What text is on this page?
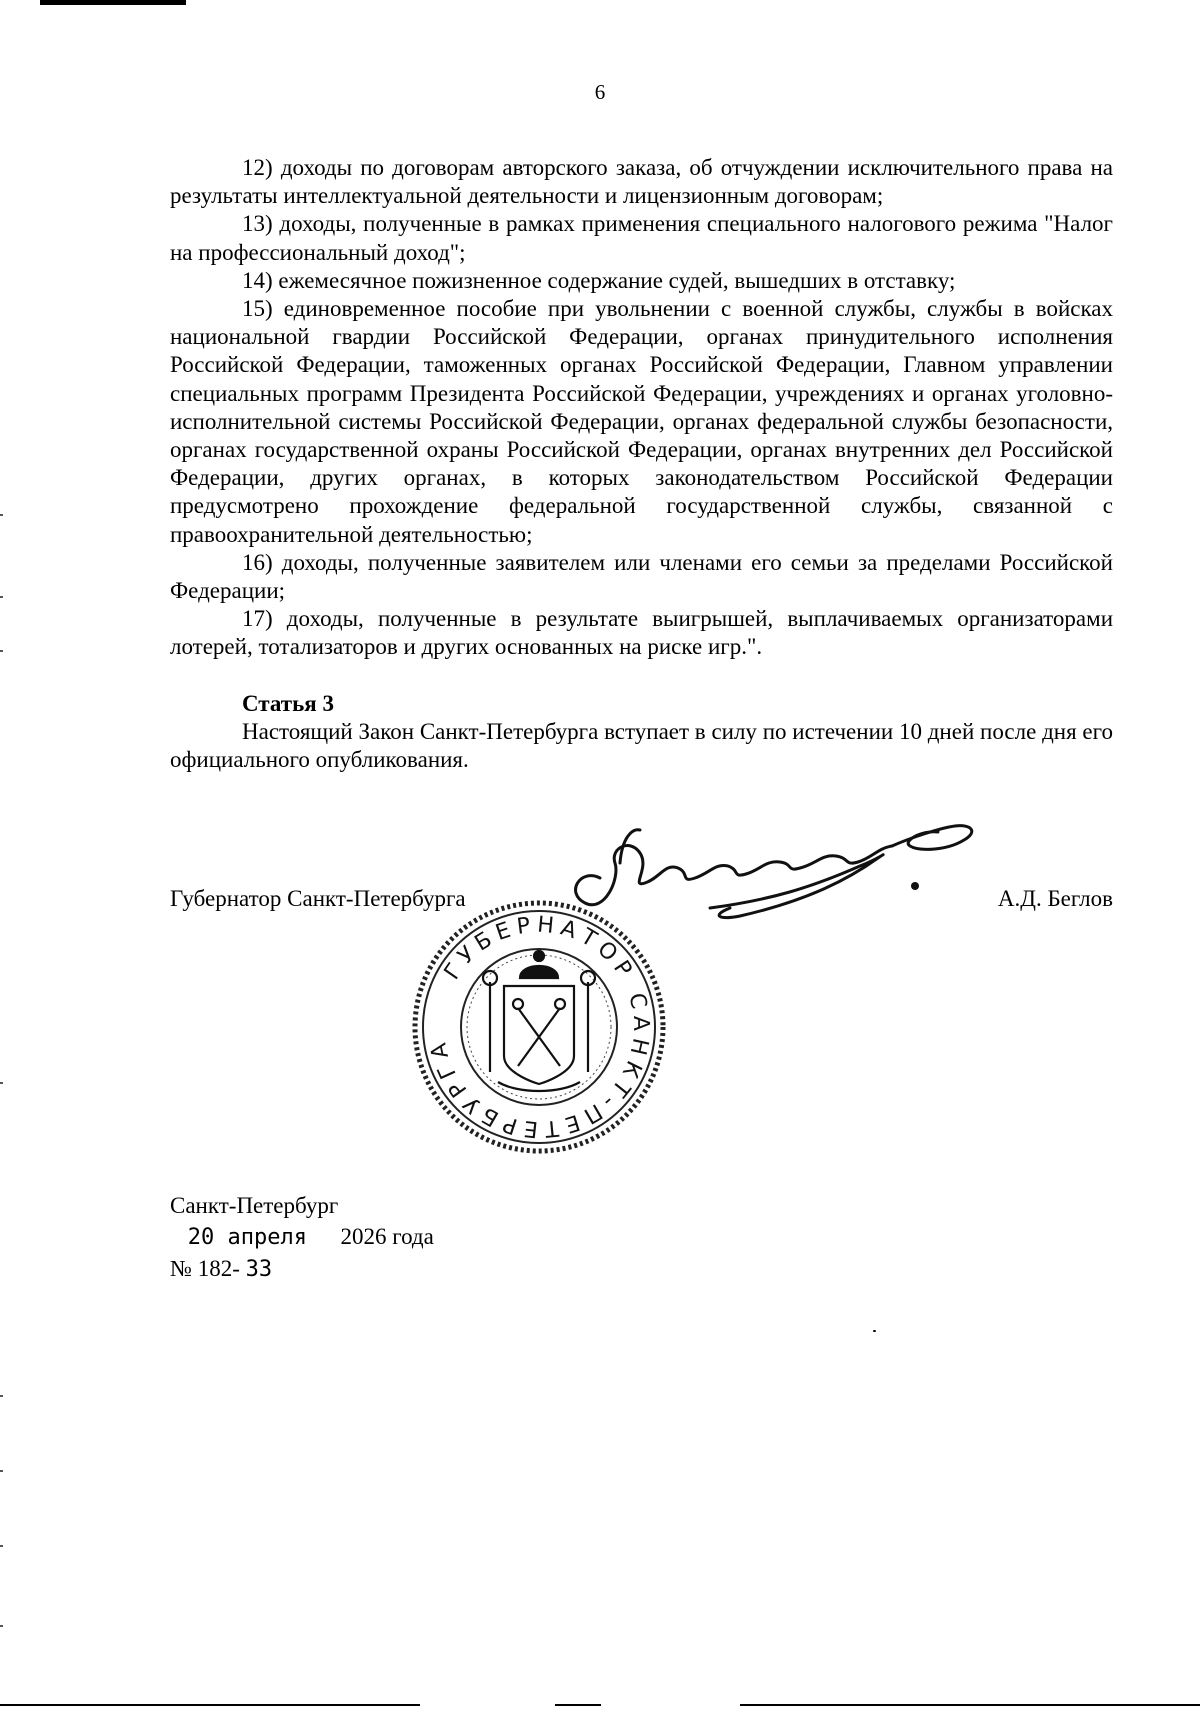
6

12) доходы по договорам авторского заказа, об отчуждении исключительного права на результаты интеллектуальной деятельности и лицензионным договорам;

13) доходы, полученные в рамках применения специального налогового режима "Налог на профессиональный доход";

14) ежемесячное пожизненное содержание судей, вышедших в отставку;

15) единовременное пособие при увольнении с военной службы, службы в войсках национальной гвардии Российской Федерации, органах принудительного исполнения Российской Федерации, таможенных органах Российской Федерации, Главном управлении специальных программ Президента Российской Федерации, учреждениях и органах уголовно-исполнительной системы Российской Федерации, органах федеральной службы безопасности, органах государственной охраны Российской Федерации, органах внутренних дел Российской Федерации, других органах, в которых законодательством Российской Федерации предусмотрено прохождение федеральной государственной службы, связанной с правоохранительной деятельностью;

16) доходы, полученные заявителем или членами его семьи за пределами Российской Федерации;

17) доходы, полученные в результате выигрышей, выплачиваемых организаторами лотерей, тотализаторов и других основанных на риске игр.".

Статья 3

Настоящий Закон Санкт-Петербурга вступает в силу по истечении 10 дней после дня его официального опубликования.

Губернатор Санкт-Петербурга	А.Д. Беглов
ГУБЕРНАТОР САНКТ-ПЕТЕРБУРГА
Санкт-Петербург
20 апреля 2026 года
№ 182- 33
